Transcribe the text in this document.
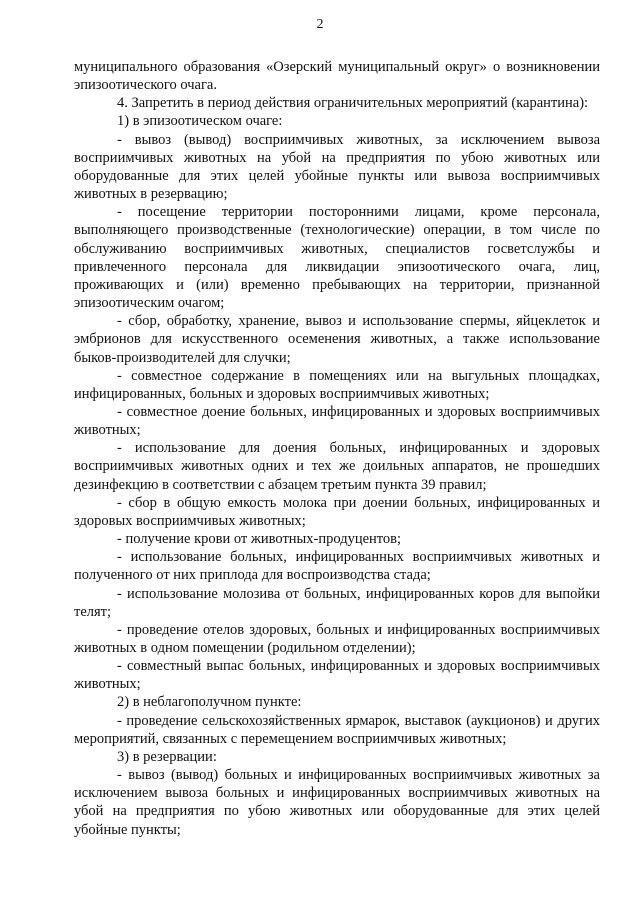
2

муниципального образования «Озерский муниципальный округ» о возникновении эпизоотического очага.

4. Запретить в период действия ограничительных мероприятий (карантина):

1) в эпизоотическом очаге:

- вывоз (вывод) восприимчивых животных, за исключением вывоза восприимчивых животных на убой на предприятия по убою животных или оборудованные для этих целей убойные пункты или вывоза восприимчивых животных в резервацию;

- посещение территории посторонними лицами, кроме персонала, выполняющего производственные (технологические) операции, в том числе по обслуживанию восприимчивых животных, специалистов госветслужбы и привлеченного персонала для ликвидации эпизоотического очага, лиц, проживающих и (или) временно пребывающих на территории, признанной эпизоотическим очагом;

- сбор, обработку, хранение, вывоз и использование спермы, яйцеклеток и эмбрионов для искусственного осеменения животных, а также использование быков-производителей для случки;

- совместное содержание в помещениях или на выгульных площадках, инфицированных, больных и здоровых восприимчивых животных;

- совместное доение больных, инфицированных и здоровых восприимчивых животных;

- использование для доения больных, инфицированных и здоровых восприимчивых животных одних и тех же доильных аппаратов, не прошедших дезинфекцию в соответствии с абзацем третьим пункта 39 правил;

- сбор в общую емкость молока при доении больных, инфицированных и здоровых восприимчивых животных;

- получение крови от животных-продуцентов;

- использование больных, инфицированных восприимчивых животных и полученного от них приплода для воспроизводства стада;

- использование молозива от больных, инфицированных коров для выпойки телят;

- проведение отелов здоровых, больных и инфицированных восприимчивых животных в одном помещении (родильном отделении);

- совместный выпас больных, инфицированных и здоровых восприимчивых животных;

2) в неблагополучном пункте:

- проведение сельскохозяйственных ярмарок, выставок (аукционов) и других мероприятий, связанных с перемещением восприимчивых животных;

3) в резервации:

- вывоз (вывод) больных и инфицированных восприимчивых животных за исключением вывоза больных и инфицированных восприимчивых животных на убой на предприятия по убою животных или оборудованные для этих целей убойные пункты;
